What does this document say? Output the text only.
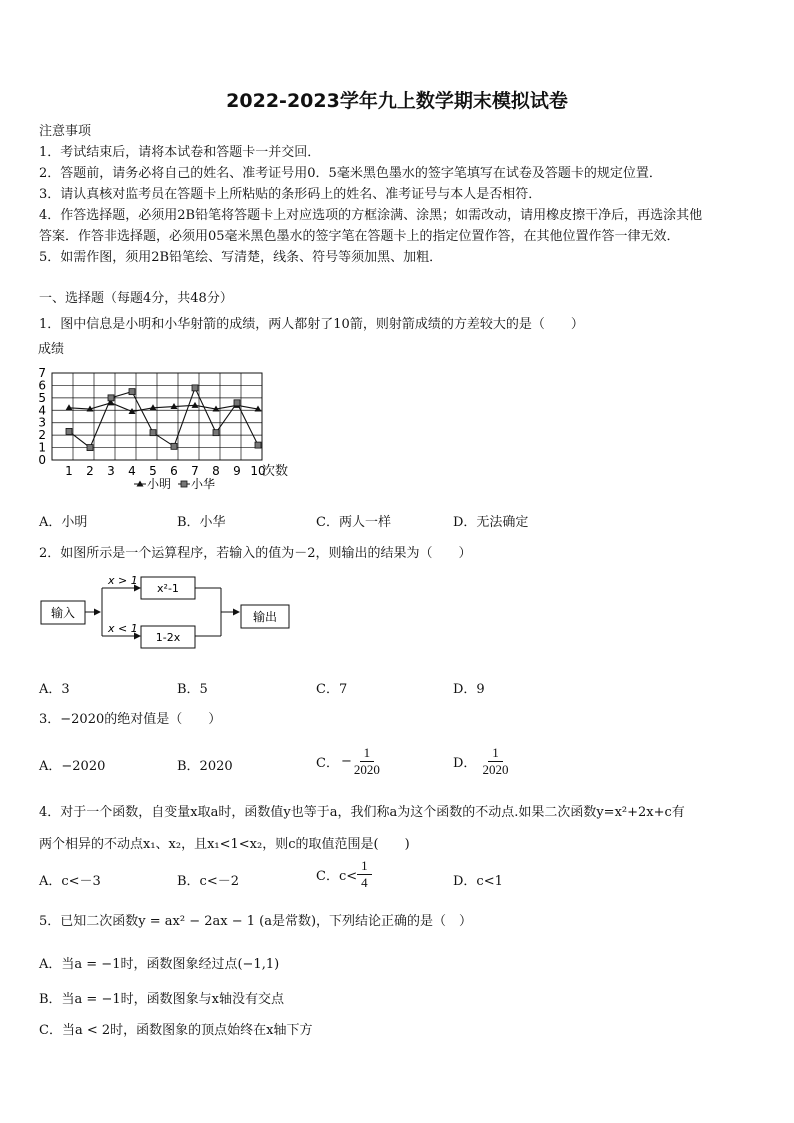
2022-2023学年九上数学期末模拟试卷
注意事项
1．考试结束后，请将本试卷和答题卡一并交回．
2．答题前，请务必将自己的姓名、准考证号用0．5毫米黑色墨水的签字笔填写在试卷及答题卡的规定位置．
3．请认真核对监考员在答题卡上所粘贴的条形码上的姓名、准考证号与本人是否相符．
4．作答选择题，必须用2B铅笔将答题卡上对应选项的方框涂满、涂黑；如需改动，请用橡皮擦干净后，再选涂其他
答案．作答非选择题，必须用05毫米黑色墨水的签字笔在答题卡上的指定位置作答，在其他位置作答一律无效．
5．如需作图，须用2B铅笔绘、写清楚，线条、符号等须加黑、加粗．
一、选择题（每题4分，共48分）
1．图中信息是小明和小华射箭的成绩，两人都射了10箭，则射箭成绩的方差较大的是（　　）
成绩
次数
0
1
2
3
4
5
6
7
1 2 3 4 5 6 7 8 9 10
小明 小华
A．小明	B．小华	C．两人一样	D．无法确定
2．如图所示是一个运算程序，若输入的值为－2，则输出的结果为（　　）
输入
x > 1
x < 1
x²-1
1-2x
输出
A．3	B．5	C．7	D．9
3．−2020的绝对值是（　　）
A．−2020	B．2020	C． − $\frac{1}{2020}$	D． $\frac{1}{2020}$
4．对于一个函数，自变量x取a时，函数值y也等于a，我们称a为这个函数的不动点.如果二次函数y=x²+2x+c有
两个相异的不动点x₁、x₂，且x₁<1<x₂，则c的取值范围是(　　)
A．c<－3	B．c<－2	C．$c< \frac{1}{4}$	D．c<1
5．已知二次函数y = ax² − 2ax − 1 (a是常数)，下列结论正确的是（　）
A．当a = −1时，函数图象经过点(−1,1)
B．当a = −1时，函数图象与x轴没有交点
C．当a < 2时，函数图象的顶点始终在x轴下方
